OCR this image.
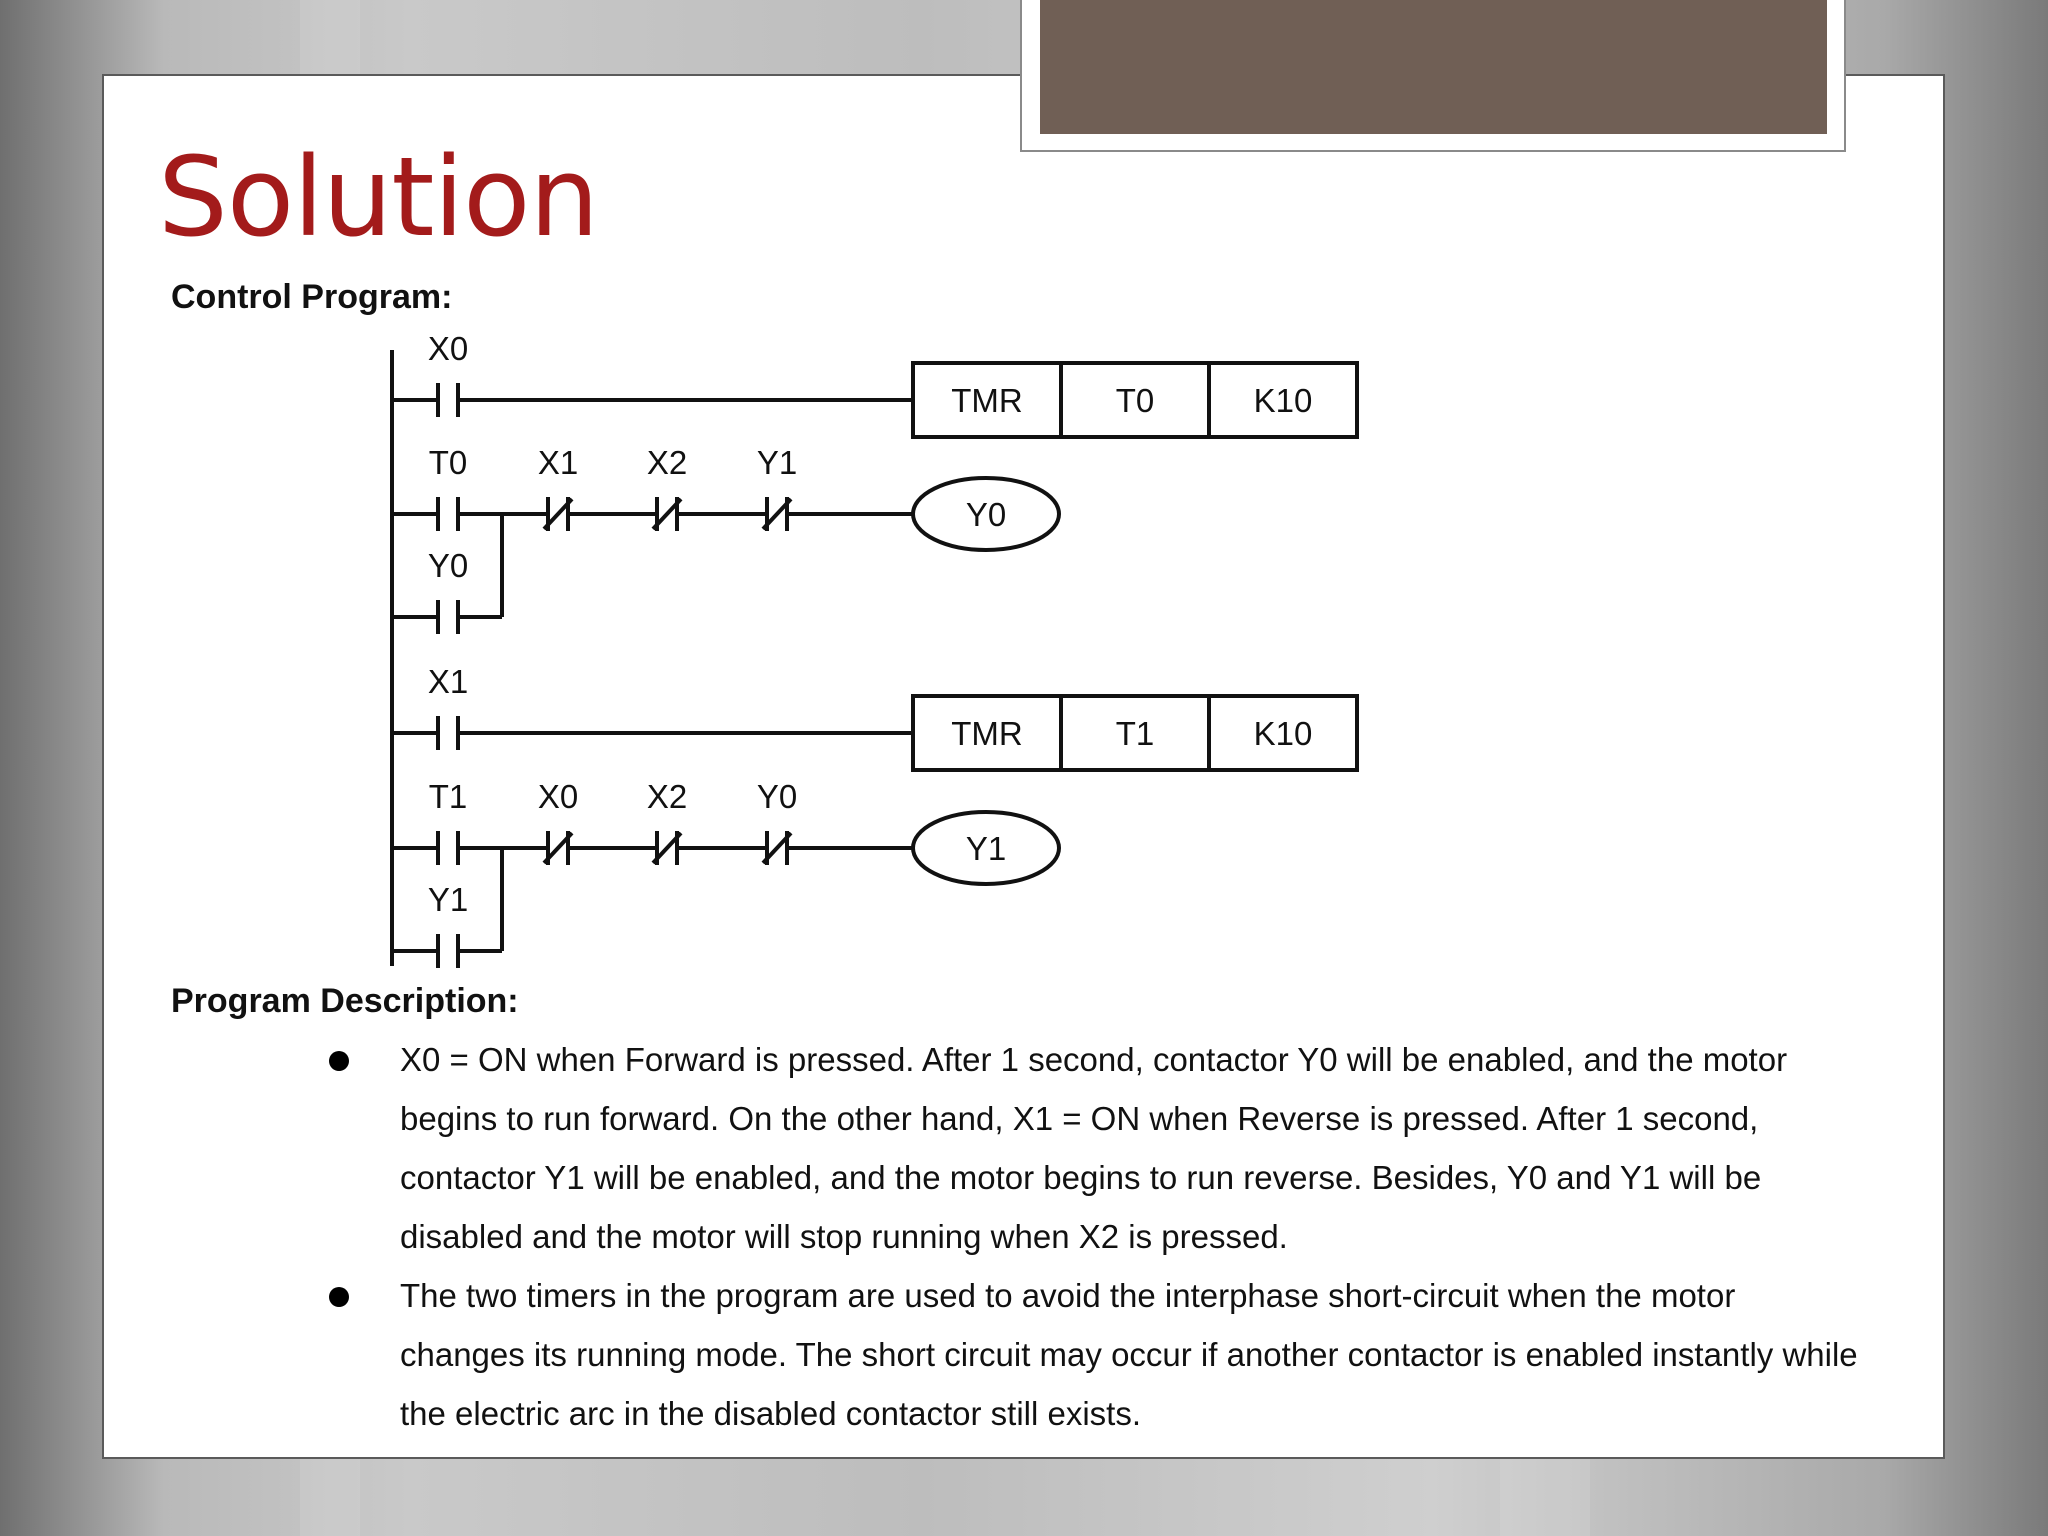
Solution
Control Program:
X0
TMR	T0	K10
T0 X1 X2 Y1
Y0
Y0
X1
TMR	T1	K10
T1 X0 X2 Y0
Y1
Y1
Program Description:
X0 = ON when Forward is pressed. After 1 second, contactor Y0 will be enabled, and the motor begins to run forward. On the other hand, X1 = ON when Reverse is pressed. After 1 second, contactor Y1 will be enabled, and the motor begins to run reverse. Besides, Y0 and Y1 will be disabled and the motor will stop running when X2 is pressed.
The two timers in the program are used to avoid the interphase short-circuit when the motor changes its running mode. The short circuit may occur if another contactor is enabled instantly while the electric arc in the disabled contactor still exists.
